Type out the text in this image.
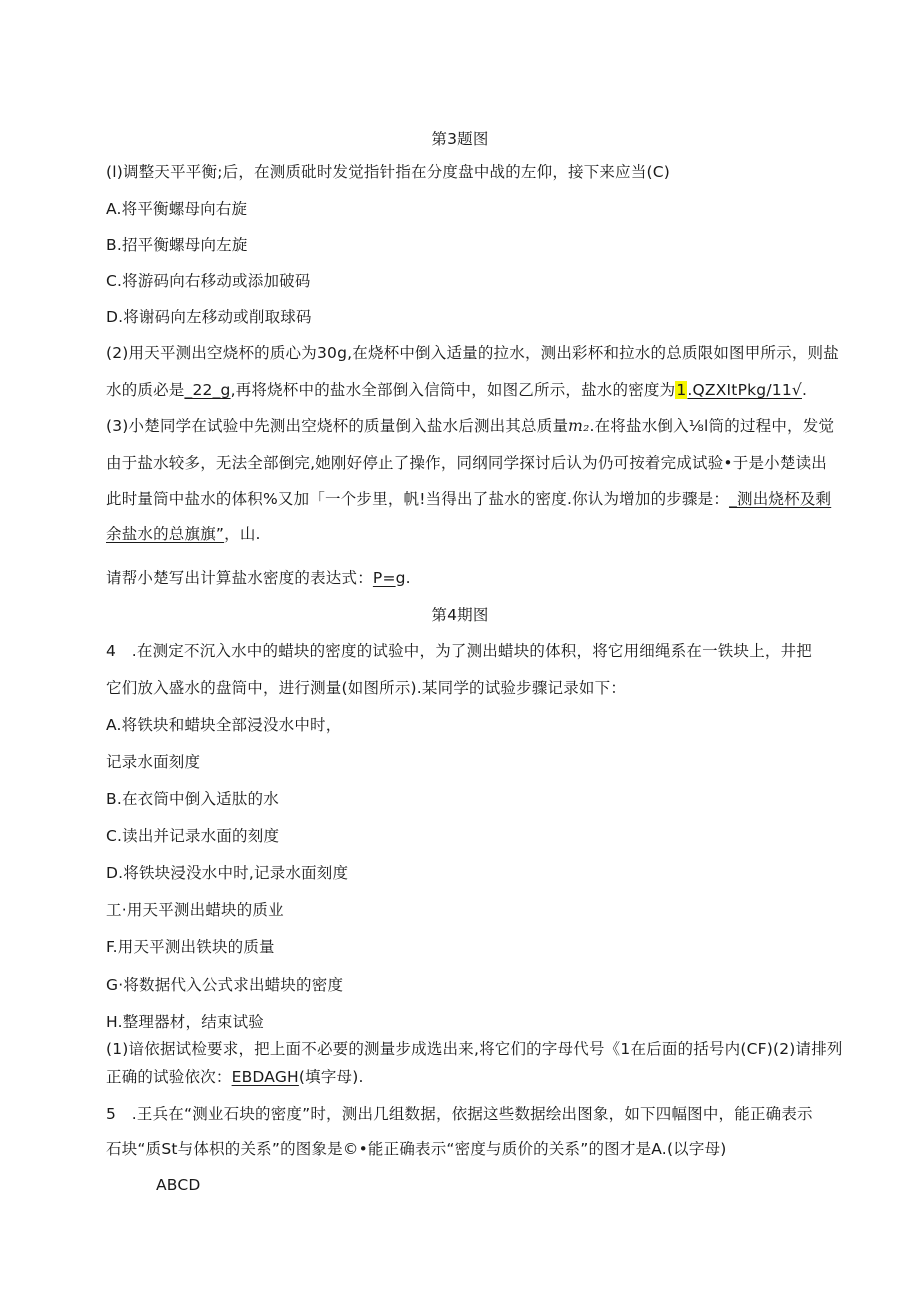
第3题图
(l)调整天平平衡;后，在测质砒时发觉指针指在分度盘中战的左仰，接下来应当(C)
A.将平衡螺母向右旋
B.招平衡螺母向左旋
C.将游码向右移动或添加破码
D.将谢码向左移动或削取球码
(2)用天平测出空烧杯的质心为30g,在烧杯中倒入适量的拉水，测出彩杯和拉水的总质限如图甲所示，则盐
水的质必是_22_g,再将烧杯中的盐水全部倒入信筒中，如图乙所示，盐水的密度为1.QZXItPkg/11√.
(3)小楚同学在试验中先测出空烧杯的质量倒入盐水后测出其总质量m₂.在将盐水倒入⅛l筒的过程中，发觉
由于盐水较多，无法全部倒完,她刚好停止了操作，同纲同学探讨后认为仍可按着完成试验•于是小楚读出
此时量筒中盐水的体积%又加「一个步里，帆!当得出了盐水的密度.你认为增加的步骤是：_测出烧杯及剩
余盐水的总旗旗”，山.
请帮小楚写出计算盐水密度的表达式：P=g.
第4期图
4　.在测定不沉入水中的蜡块的密度的试验中，为了测出蜡块的体积，将它用细绳系在一铁块上，井把
它们放入盛水的盘筒中，进行测量(如图所示).某同学的试验步骤记录如下：
A.将铁块和蜡块全部浸没水中时，
记录水面刻度
B.在衣筒中倒入适肽的水
C.读出并记录水面的刻度
D.将铁块浸没水中时,记录水面刻度
工·用天平测出蜡块的质业
F.用天平测出铁块的质量
G·将数据代入公式求出蜡块的密度
H.整理器材，结束试验
(1)谙依据试检要求，把上面不必要的测量步成选出来,将它们的字母代号《1在后面的括号内(CF)(2)请排列
正确的试验依次：EBDAGH(填字母).
5　.王兵在“测业石块的密度”时，测出几组数据，依据这些数据绘出图象，如下四幅图中，能正确表示
石块“质St与体枳的关系”的图象是©•能正确表示“密度与质价的关系”的图才是A.(以字母)
ABCD
